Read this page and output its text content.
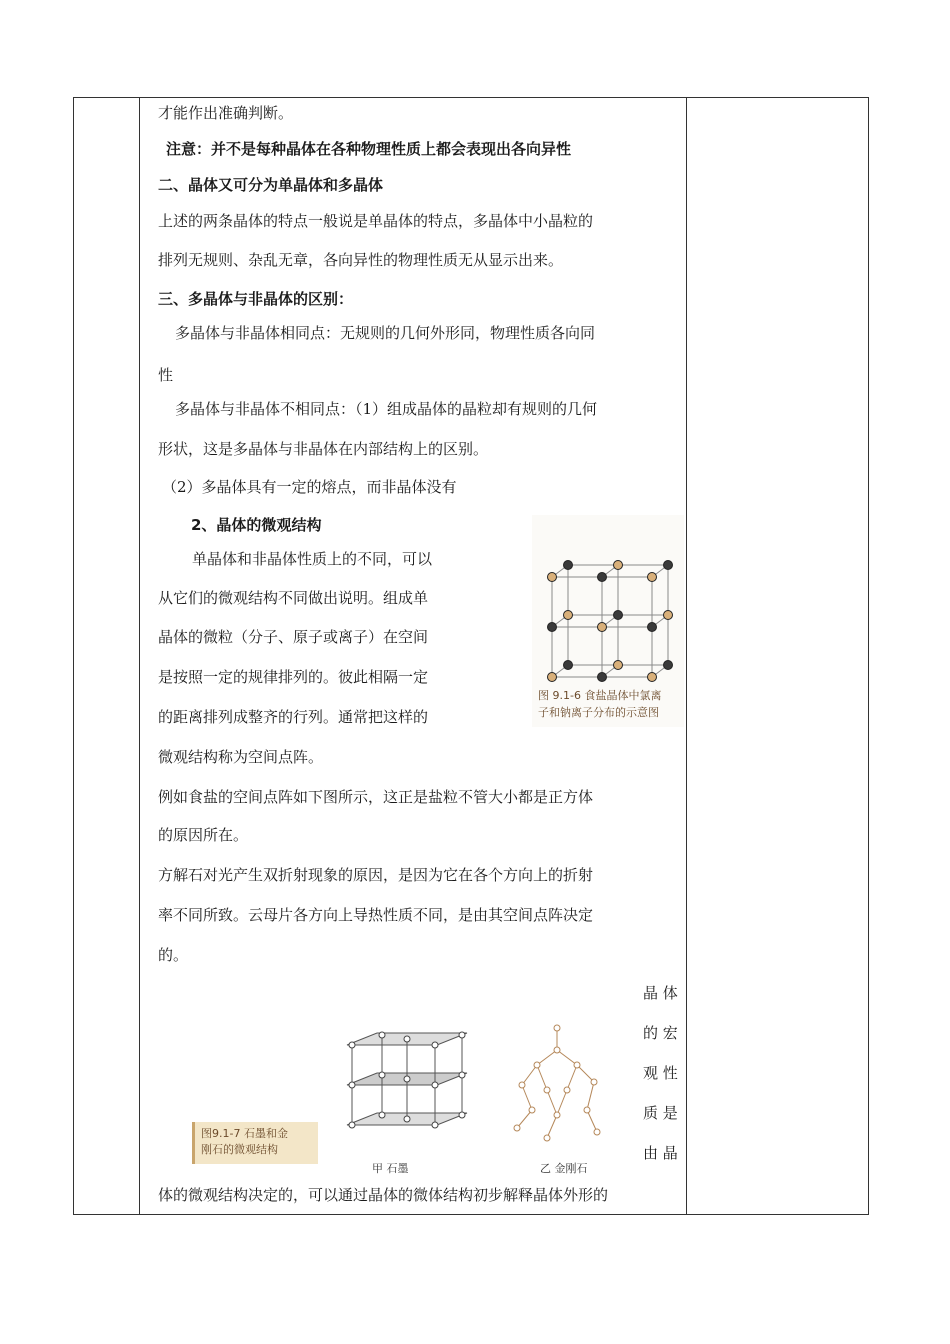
才能作出准确判断。
注意：并不是每种晶体在各种物理性质上都会表现出各向异性
二、晶体又可分为单晶体和多晶体
上述的两条晶体的特点一般说是单晶体的特点，多晶体中小晶粒的
排列无规则、杂乱无章，各向异性的物理性质无从显示出来。
三、多晶体与非晶体的区别：
多晶体与非晶体相同点：无规则的几何外形同，物理性质各向同
性
多晶体与非晶体不相同点：（1）组成晶体的晶粒却有规则的几何
形状，这是多晶体与非晶体在内部结构上的区别。
（2）多晶体具有一定的熔点，而非晶体没有
2、晶体的微观结构
单晶体和非晶体性质上的不同，可以
从它们的微观结构不同做出说明。组成单
晶体的微粒（分子、原子或离子）在空间
是按照一定的规律排列的。彼此相隔一定
的距离排列成整齐的行列。通常把这样的
微观结构称为空间点阵。
例如食盐的空间点阵如下图所示，这正是盐粒不管大小都是正方体
的原因所在。
方解石对光产生双折射现象的原因，是因为它在各个方向上的折射
率不同所致。云母片各方向上导热性质不同，是由其空间点阵决定
的。
体的微观结构决定的，可以通过晶体的微体结构初步解释晶体外形的
晶 体
的 宏
观 性
质 是
由 晶
图 9.1-6 食盐晶体中氯离
子和钠离子分布的示意图
图9.1-7 石墨和金
刚石的微观结构
甲 石墨	乙 金刚石
